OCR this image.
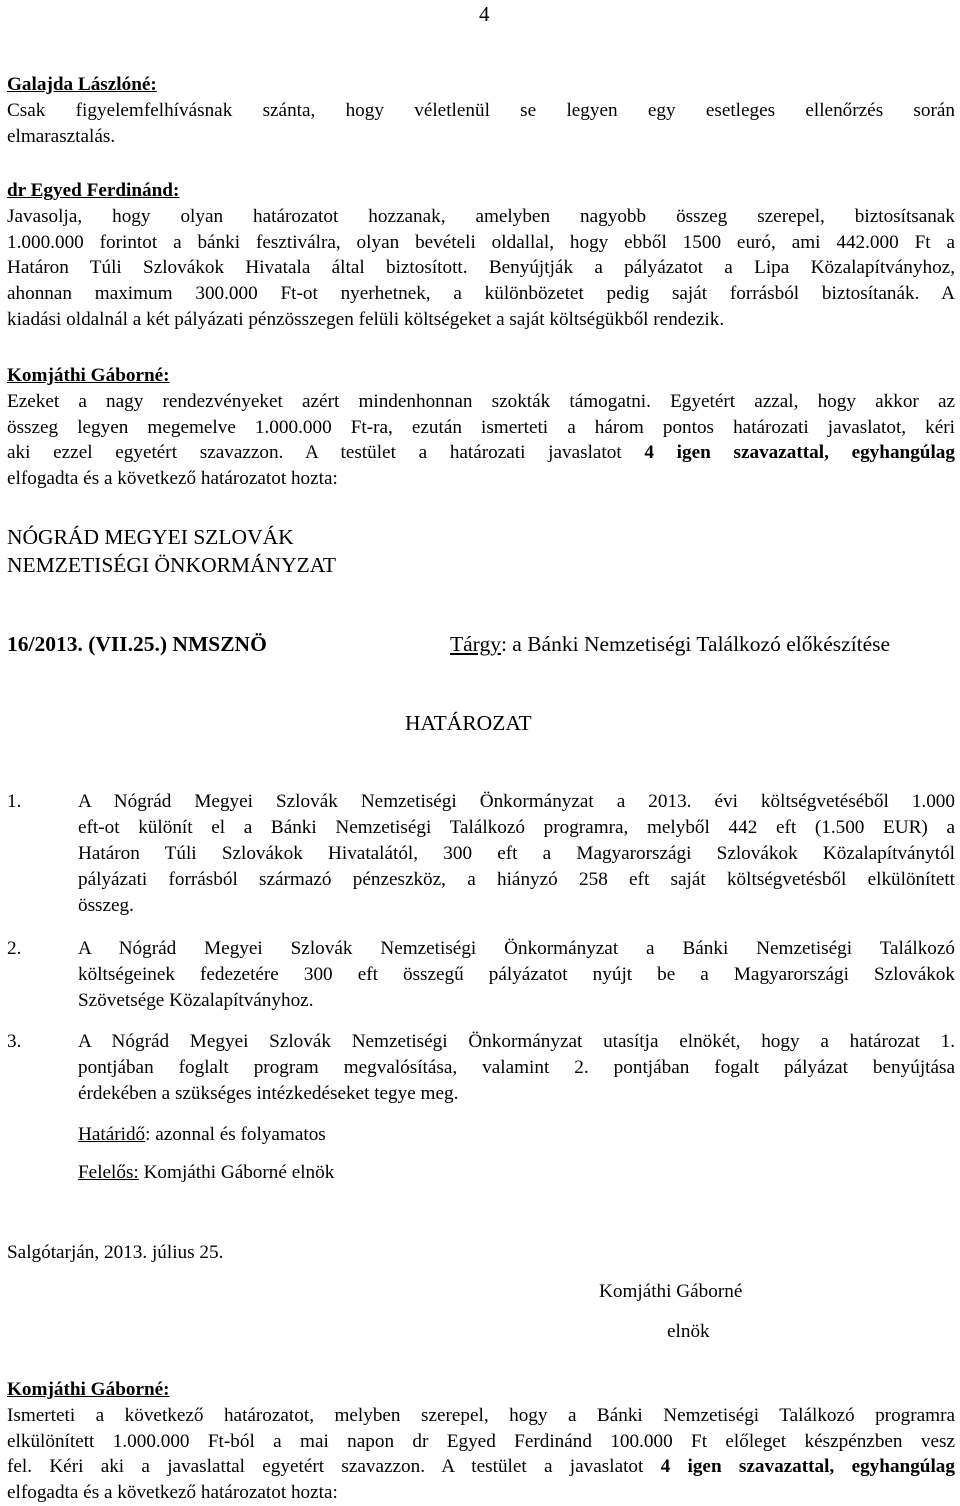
4
Galajda Lászlóné:
Csak figyelemfelhívásnak szánta, hogy véletlenül se legyen egy esetleges ellenőrzés során
elmarasztalás.
dr Egyed Ferdinánd:
Javasolja, hogy olyan határozatot hozzanak, amelyben nagyobb összeg szerepel, biztosítsanak
1.000.000 forintot a bánki fesztiválra, olyan bevételi oldallal, hogy ebből 1500 euró, ami 442.000 Ft a
Határon Túli Szlovákok Hivatala által biztosított. Benyújtják a pályázatot a Lipa Közalapítványhoz,
ahonnan maximum 300.000 Ft-ot nyerhetnek, a különbözetet pedig saját forrásból biztosítanák. A
kiadási oldalnál a két pályázati pénzösszegen felüli költségeket a saját költségükből rendezik.
Komjáthi Gáborné:
Ezeket a nagy rendezvényeket azért mindenhonnan szokták támogatni. Egyetért azzal, hogy akkor az
összeg legyen megemelve 1.000.000 Ft-ra, ezután ismerteti a három pontos határozati javaslatot, kéri
aki ezzel egyetért szavazzon. A testület a határozati javaslatot 4 igen szavazattal, egyhangúlag
elfogadta és a következő határozatot hozta:
NÓGRÁD MEGYEI SZLOVÁK
NEMZETISÉGI ÖNKORMÁNYZAT
16/2013. (VII.25.) NMSZNÖ	Tárgy: a Bánki Nemzetiségi Találkozó előkészítése
HATÁROZAT
1.	A Nógrád Megyei Szlovák Nemzetiségi Önkormányzat a 2013. évi költségvetéséből 1.000
eft-ot különít el a Bánki Nemzetiségi Találkozó programra, melyből 442 eft (1.500 EUR) a
Határon Túli Szlovákok Hivatalától, 300 eft a Magyarországi Szlovákok Közalapítványtól
pályázati forrásból származó pénzeszköz, a hiányzó 258 eft saját költségvetésből elkülönített
összeg.
2.	A Nógrád Megyei Szlovák Nemzetiségi Önkormányzat a Bánki Nemzetiségi Találkozó
költségeinek fedezetére 300 eft összegű pályázatot nyújt be a Magyarországi Szlovákok
Szövetsége Közalapítványhoz.
3.	A Nógrád Megyei Szlovák Nemzetiségi Önkormányzat utasítja elnökét, hogy a határozat 1.
pontjában foglalt program megvalósítása, valamint 2. pontjában fogalt pályázat benyújtása
érdekében a szükséges intézkedéseket tegye meg.
Határidő: azonnal és folyamatos
Felelős: Komjáthi Gáborné elnök
Salgótarján, 2013. július 25.
Komjáthi Gáborné
elnök
Komjáthi Gáborné:
Ismerteti a következő határozatot, melyben szerepel, hogy a Bánki Nemzetiségi Találkozó programra
elkülönített 1.000.000 Ft-ból a mai napon dr Egyed Ferdinánd 100.000 Ft előleget készpénzben vesz
fel. Kéri aki a javaslattal egyetért szavazzon. A testület a javaslatot 4 igen szavazattal, egyhangúlag
elfogadta és a következő határozatot hozta:
